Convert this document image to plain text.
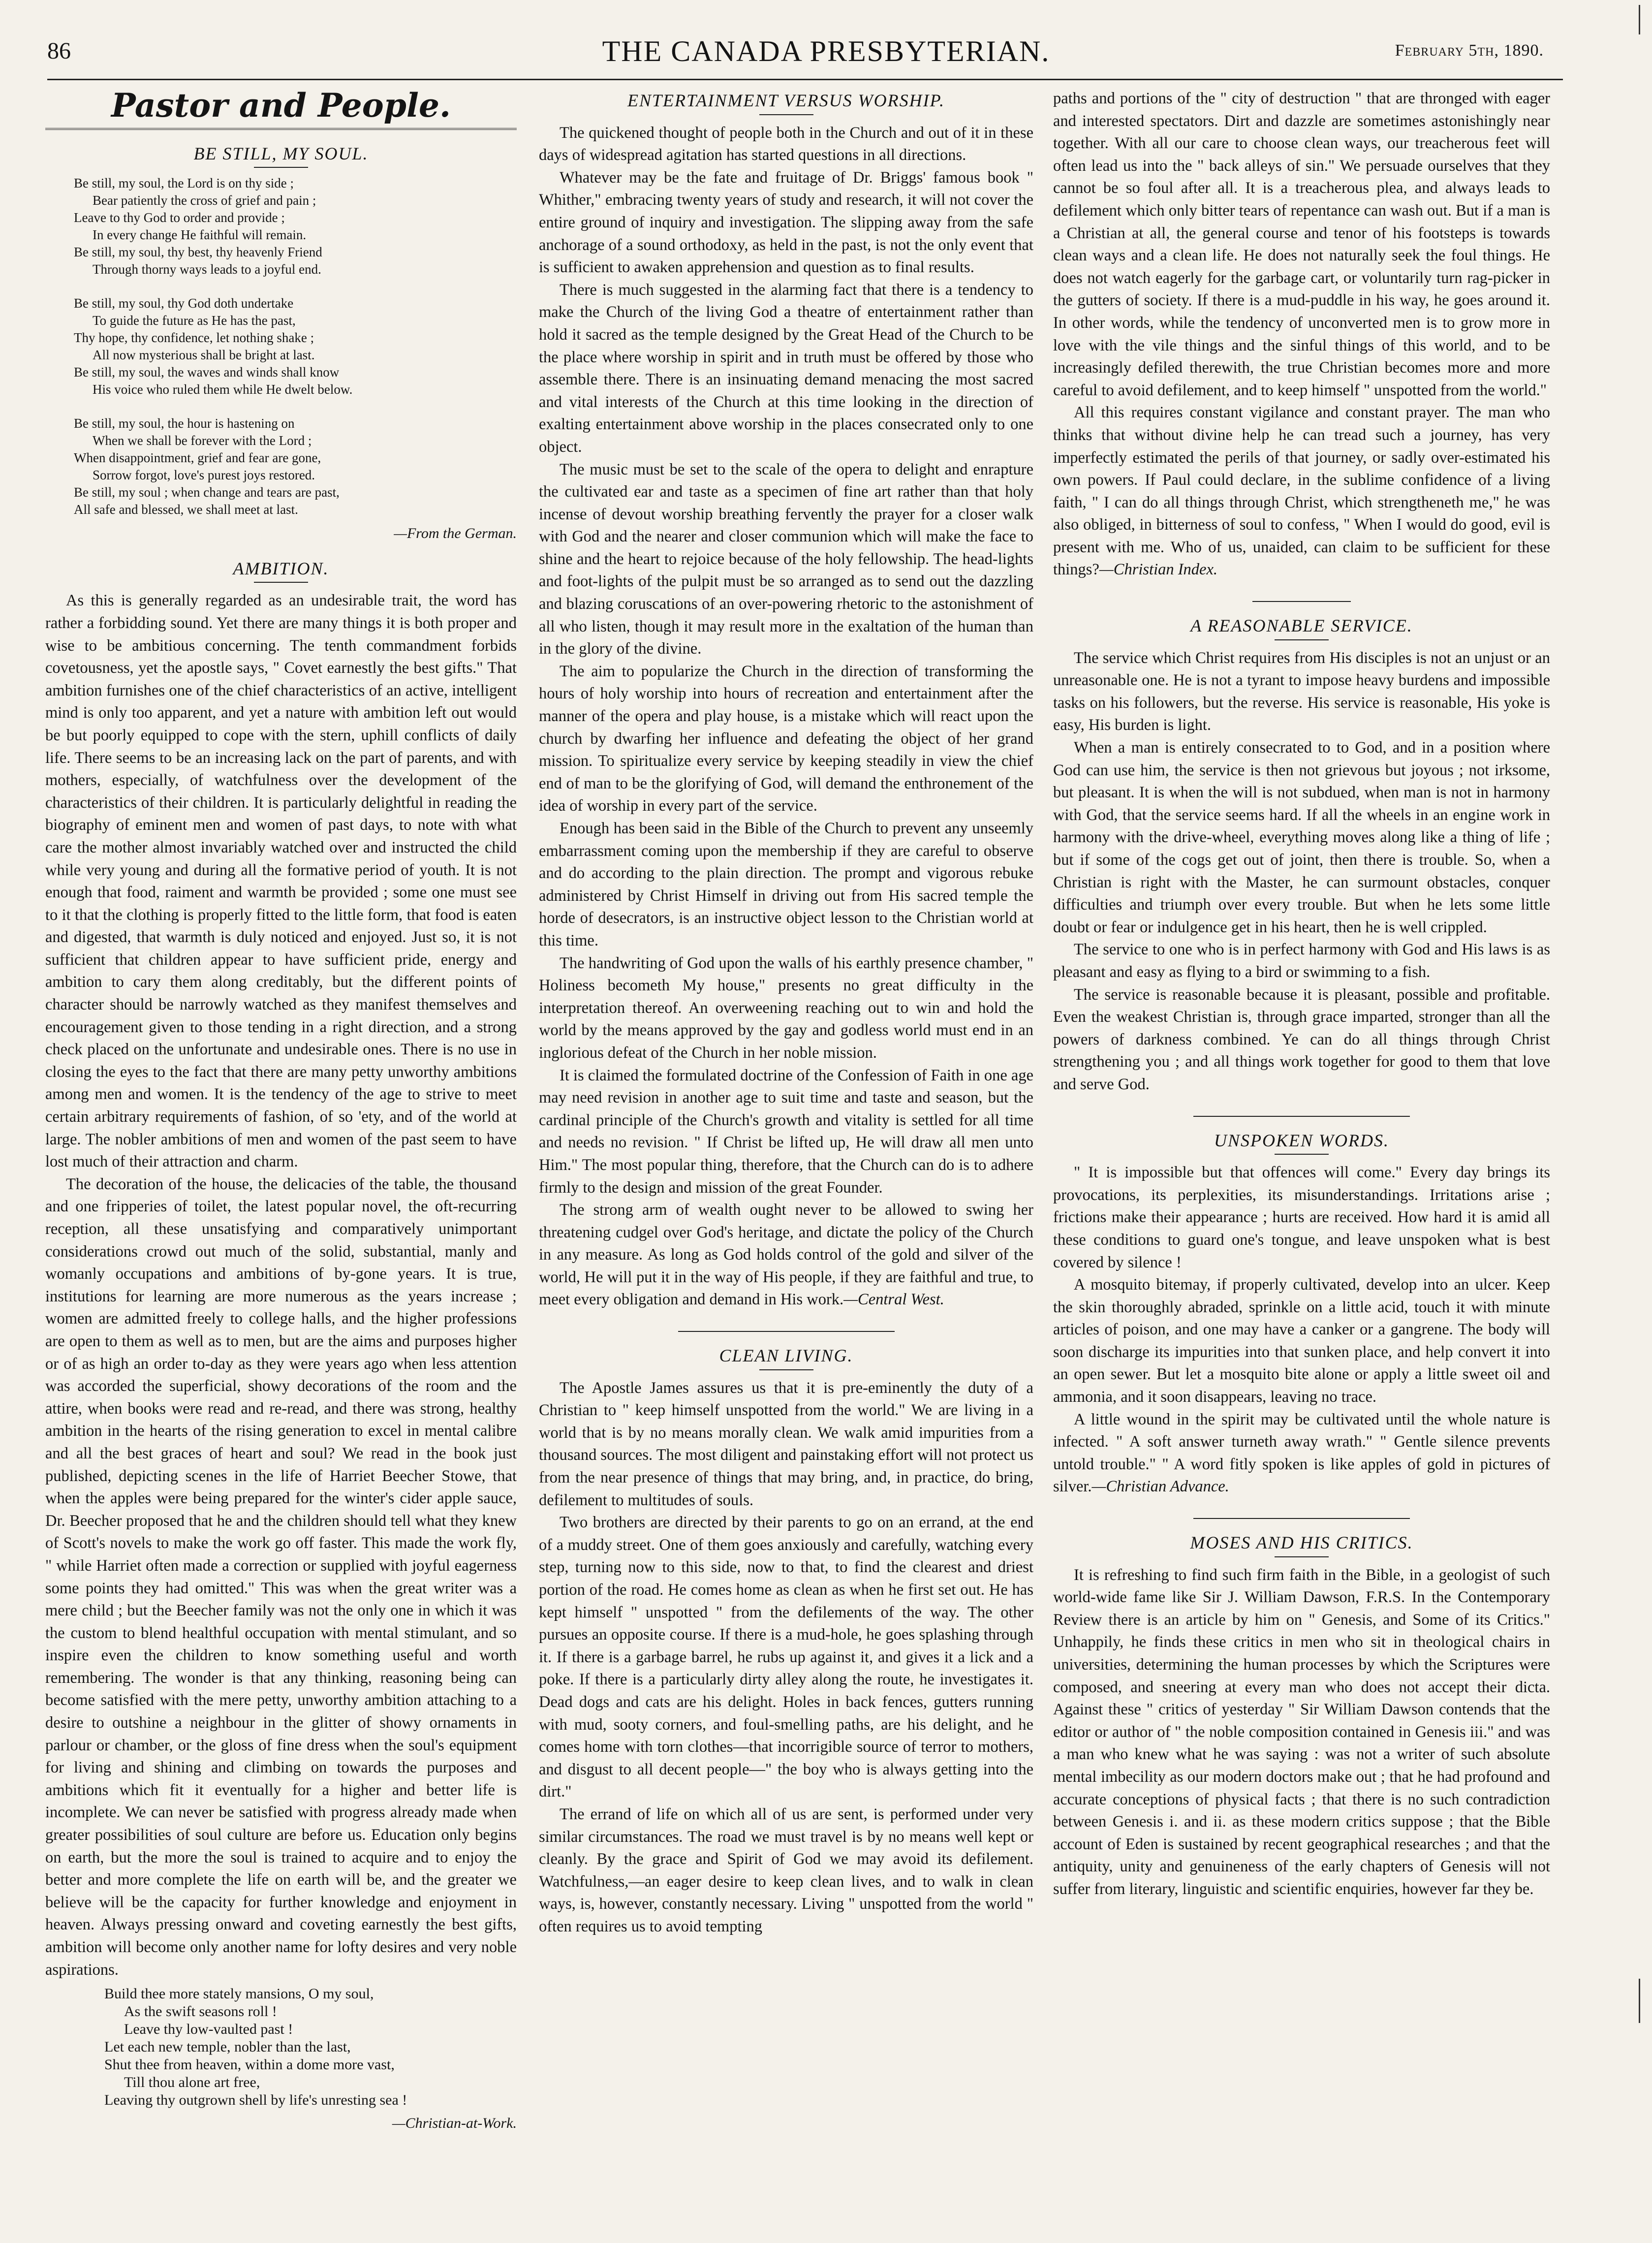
86	THE CANADA PRESBYTERIAN.	February 5th, 1890.
Pastor and People.
BE STILL, MY SOUL.
Be still, my soul, the Lord is on thy side ;
Bear patiently the cross of grief and pain ;
Leave to thy God to order and provide ;
In every change He faithful will remain.
Be still, my soul, thy best, thy heavenly Friend
Through thorny ways leads to a joyful end.
Be still, my soul, thy God doth undertake
To guide the future as He has the past,
Thy hope, thy confidence, let nothing shake ;
All now mysterious shall be bright at last.
Be still, my soul, the waves and winds shall know
His voice who ruled them while He dwelt below.
Be still, my soul, the hour is hastening on
When we shall be forever with the Lord ;
When disappointment, grief and fear are gone,
Sorrow forgot, love's purest joys restored.
Be still, my soul ; when change and tears are past,
All safe and blessed, we shall meet at last.

—From the German.

AMBITION.

As this is generally regarded as an undesirable trait, the word has rather a forbidding sound. Yet there are many things it is both proper and wise to be ambitious concerning. The tenth commandment forbids covetousness, yet the apostle says, " Covet earnestly the best gifts." That ambition furnishes one of the chief characteristics of an active, intelligent mind is only too apparent, and yet a nature with ambition left out would be but poorly equipped to cope with the stern, uphill conflicts of daily life. There seems to be an increasing lack on the part of parents, and with mothers, especially, of watchfulness over the development of the characteristics of their children. It is particularly delightful in reading the biography of eminent men and women of past days, to note with what care the mother almost invariably watched over and instructed the child while very young and during all the formative period of youth. It is not enough that food, raiment and warmth be provided ; some one must see to it that the clothing is properly fitted to the little form, that food is eaten and digested, that warmth is duly noticed and enjoyed. Just so, it is not sufficient that children appear to have sufficient pride, energy and ambition to cary them along creditably, but the different points of character should be narrowly watched as they manifest themselves and encouragement given to those tending in a right direction, and a strong check placed on the unfortunate and undesirable ones. There is no use in closing the eyes to the fact that there are many petty unworthy ambitions among men and women. It is the tendency of the age to strive to meet certain arbitrary requirements of fashion, of so 'ety, and of the world at large. The nobler ambitions of men and women of the past seem to have lost much of their attraction and charm.

The decoration of the house, the delicacies of the table, the thousand and one fripperies of toilet, the latest popular novel, the oft-recurring reception, all these unsatisfying and comparatively unimportant considerations crowd out much of the solid, substantial, manly and womanly occupations and ambitions of by-gone years. It is true, institutions for learning are more numerous as the years increase ; women are admitted freely to college halls, and the higher professions are open to them as well as to men, but are the aims and purposes higher or of as high an order to-day as they were years ago when less attention was accorded the superficial, showy decorations of the room and the attire, when books were read and re-read, and there was strong, healthy ambition in the hearts of the rising generation to excel in mental calibre and all the best graces of heart and soul? We read in the book just published, depicting scenes in the life of Harriet Beecher Stowe, that when the apples were being prepared for the winter's cider apple sauce, Dr. Beecher proposed that he and the children should tell what they knew of Scott's novels to make the work go off faster. This made the work fly, " while Harriet often made a correction or supplied with joyful eagerness some points they had omitted." This was when the great writer was a mere child ; but the Beecher family was not the only one in which it was the custom to blend healthful occupation with mental stimulant, and so inspire even the children to know something useful and worth remembering. The wonder is that any thinking, reasoning being can become satisfied with the mere petty, unworthy ambition attaching to a desire to outshine a neighbour in the glitter of showy ornaments in parlour or chamber, or the gloss of fine dress when the soul's equipment for living and shining and climbing on towards the purposes and ambitions which fit it eventually for a higher and better life is incomplete. We can never be satisfied with progress already made when greater possibilities of soul culture are before us. Education only begins on earth, but the more the soul is trained to acquire and to enjoy the better and more complete the life on earth will be, and the greater we believe will be the capacity for further knowledge and enjoyment in heaven. Always pressing onward and coveting earnestly the best gifts, ambition will become only another name for lofty desires and very noble aspirations.

Build thee more stately mansions, O my soul,
As the swift seasons roll !
Leave thy low-vaulted past !
Let each new temple, nobler than the last,
Shut thee from heaven, within a dome more vast,
Till thou alone art free,
Leaving thy outgrown shell by life's unresting sea !

—Christian-at-Work.

ENTERTAINMENT VERSUS WORSHIP.

The quickened thought of people both in the Church and out of it in these days of widespread agitation has started questions in all directions.

Whatever may be the fate and fruitage of Dr. Briggs' famous book " Whither," embracing twenty years of study and research, it will not cover the entire ground of inquiry and investigation. The slipping away from the safe anchorage of a sound orthodoxy, as held in the past, is not the only event that is sufficient to awaken apprehension and question as to final results.

There is much suggested in the alarming fact that there is a tendency to make the Church of the living God a theatre of entertainment rather than hold it sacred as the temple designed by the Great Head of the Church to be the place where worship in spirit and in truth must be offered by those who assemble there. There is an insinuating demand menacing the most sacred and vital interests of the Church at this time looking in the direction of exalting entertainment above worship in the places consecrated only to one object.

The music must be set to the scale of the opera to delight and enrapture the cultivated ear and taste as a specimen of fine art rather than that holy incense of devout worship breathing fervently the prayer for a closer walk with God and the nearer and closer communion which will make the face to shine and the heart to rejoice because of the holy fellowship. The head-lights and foot-lights of the pulpit must be so arranged as to send out the dazzling and blazing coruscations of an over-powering rhetoric to the astonishment of all who listen, though it may result more in the exaltation of the human than in the glory of the divine.

The aim to popularize the Church in the direction of transforming the hours of holy worship into hours of recreation and entertainment after the manner of the opera and play house, is a mistake which will react upon the church by dwarfing her influence and defeating the object of her grand mission. To spiritualize every service by keeping steadily in view the chief end of man to be the glorifying of God, will demand the enthronement of the idea of worship in every part of the service.

Enough has been said in the Bible of the Church to prevent any unseemly embarrassment coming upon the membership if they are careful to observe and do according to the plain direction. The prompt and vigorous rebuke administered by Christ Himself in driving out from His sacred temple the horde of desecrators, is an instructive object lesson to the Christian world at this time.

The handwriting of God upon the walls of his earthly presence chamber, " Holiness becometh My house," presents no great difficulty in the interpretation thereof. An overweening reaching out to win and hold the world by the means approved by the gay and godless world must end in an inglorious defeat of the Church in her noble mission.

It is claimed the formulated doctrine of the Confession of Faith in one age may need revision in another age to suit time and taste and season, but the cardinal principle of the Church's growth and vitality is settled for all time and needs no revision. " If Christ be lifted up, He will draw all men unto Him." The most popular thing, therefore, that the Church can do is to adhere firmly to the design and mission of the great Founder.

The strong arm of wealth ought never to be allowed to swing her threatening cudgel over God's heritage, and dictate the policy of the Church in any measure. As long as God holds control of the gold and silver of the world, He will put it in the way of His people, if they are faithful and true, to meet every obligation and demand in His work.—Central West.

CLEAN LIVING.

The Apostle James assures us that it is pre-eminently the duty of a Christian to " keep himself unspotted from the world." We are living in a world that is by no means morally clean. We walk amid impurities from a thousand sources. The most diligent and painstaking effort will not protect us from the near presence of things that may bring, and, in practice, do bring, defilement to multitudes of souls.

Two brothers are directed by their parents to go on an errand, at the end of a muddy street. One of them goes anxiously and carefully, watching every step, turning now to this side, now to that, to find the clearest and driest portion of the road. He comes home as clean as when he first set out. He has kept himself " unspotted " from the defilements of the way. The other pursues an opposite course. If there is a mud-hole, he goes splashing through it. If there is a garbage barrel, he rubs up against it, and gives it a lick and a poke. If there is a particularly dirty alley along the route, he investigates it. Dead dogs and cats are his delight. Holes in back fences, gutters running with mud, sooty corners, and foul-smelling paths, are his delight, and he comes home with torn clothes—that incorrigible source of terror to mothers, and disgust to all decent people—" the boy who is always getting into the dirt."

The errand of life on which all of us are sent, is performed under very similar circumstances. The road we must travel is by no means well kept or cleanly. By the grace and Spirit of God we may avoid its defilement. Watchfulness,—an eager desire to keep clean lives, and to walk in clean ways, is, however, constantly necessary. Living " unspotted from the world " often requires us to avoid tempting

paths and portions of the " city of destruction " that are thronged with eager and interested spectators. Dirt and dazzle are sometimes astonishingly near together. With all our care to choose clean ways, our treacherous feet will often lead us into the " back alleys of sin." We persuade ourselves that they cannot be so foul after all. It is a treacherous plea, and always leads to defilement which only bitter tears of repentance can wash out. But if a man is a Christian at all, the general course and tenor of his footsteps is towards clean ways and a clean life. He does not naturally seek the foul things. He does not watch eagerly for the garbage cart, or voluntarily turn rag-picker in the gutters of society. If there is a mud-puddle in his way, he goes around it. In other words, while the tendency of unconverted men is to grow more in love with the vile things and the sinful things of this world, and to be increasingly defiled therewith, the true Christian becomes more and more careful to avoid defilement, and to keep himself " unspotted from the world."

All this requires constant vigilance and constant prayer. The man who thinks that without divine help he can tread such a journey, has very imperfectly estimated the perils of that journey, or sadly over-estimated his own powers. If Paul could declare, in the sublime confidence of a living faith, " I can do all things through Christ, which strengtheneth me," he was also obliged, in bitterness of soul to confess, " When I would do good, evil is present with me. Who of us, unaided, can claim to be sufficient for these things?—Christian Index.

A REASONABLE SERVICE.

The service which Christ requires from His disciples is not an unjust or an unreasonable one. He is not a tyrant to impose heavy burdens and impossible tasks on his followers, but the reverse. His service is reasonable, His yoke is easy, His burden is light.

When a man is entirely consecrated to to God, and in a position where God can use him, the service is then not grievous but joyous ; not irksome, but pleasant. It is when the will is not subdued, when man is not in harmony with God, that the service seems hard. If all the wheels in an engine work in harmony with the drive-wheel, everything moves along like a thing of life ; but if some of the cogs get out of joint, then there is trouble. So, when a Christian is right with the Master, he can surmount obstacles, conquer difficulties and triumph over every trouble. But when he lets some little doubt or fear or indulgence get in his heart, then he is well crippled.

The service to one who is in perfect harmony with God and His laws is as pleasant and easy as flying to a bird or swimming to a fish.

The service is reasonable because it is pleasant, possible and profitable. Even the weakest Christian is, through grace imparted, stronger than all the powers of darkness combined. Ye can do all things through Christ strengthening you ; and all things work together for good to them that love and serve God.

UNSPOKEN WORDS.

" It is impossible but that offences will come." Every day brings its provocations, its perplexities, its misunderstandings. Irritations arise ; frictions make their appearance ; hurts are received. How hard it is amid all these conditions to guard one's tongue, and leave unspoken what is best covered by silence !

A mosquito bitemay, if properly cultivated, develop into an ulcer. Keep the skin thoroughly abraded, sprinkle on a little acid, touch it with minute articles of poison, and one may have a canker or a gangrene. The body will soon discharge its impurities into that sunken place, and help convert it into an open sewer. But let a mosquito bite alone or apply a little sweet oil and ammonia, and it soon disappears, leaving no trace.

A little wound in the spirit may be cultivated until the whole nature is infected. " A soft answer turneth away wrath." " Gentle silence prevents untold trouble." " A word fitly spoken is like apples of gold in pictures of silver.—Christian Advance.

MOSES AND HIS CRITICS.

It is refreshing to find such firm faith in the Bible, in a geologist of such world-wide fame like Sir J. William Dawson, F.R.S. In the Contemporary Review there is an article by him on " Genesis, and Some of its Critics." Unhappily, he finds these critics in men who sit in theological chairs in universities, determining the human processes by which the Scriptures were composed, and sneering at every man who does not accept their dicta. Against these " critics of yesterday " Sir William Dawson contends that the editor or author of " the noble composition contained in Genesis iii." and was a man who knew what he was saying : was not a writer of such absolute mental imbecility as our modern doctors make out ; that he had profound and accurate conceptions of physical facts ; that there is no such contradiction between Genesis i. and ii. as these modern critics suppose ; that the Bible account of Eden is sustained by recent geographical researches ; and that the antiquity, unity and genuineness of the early chapters of Genesis will not suffer from literary, linguistic and scientific enquiries, however far they be.
